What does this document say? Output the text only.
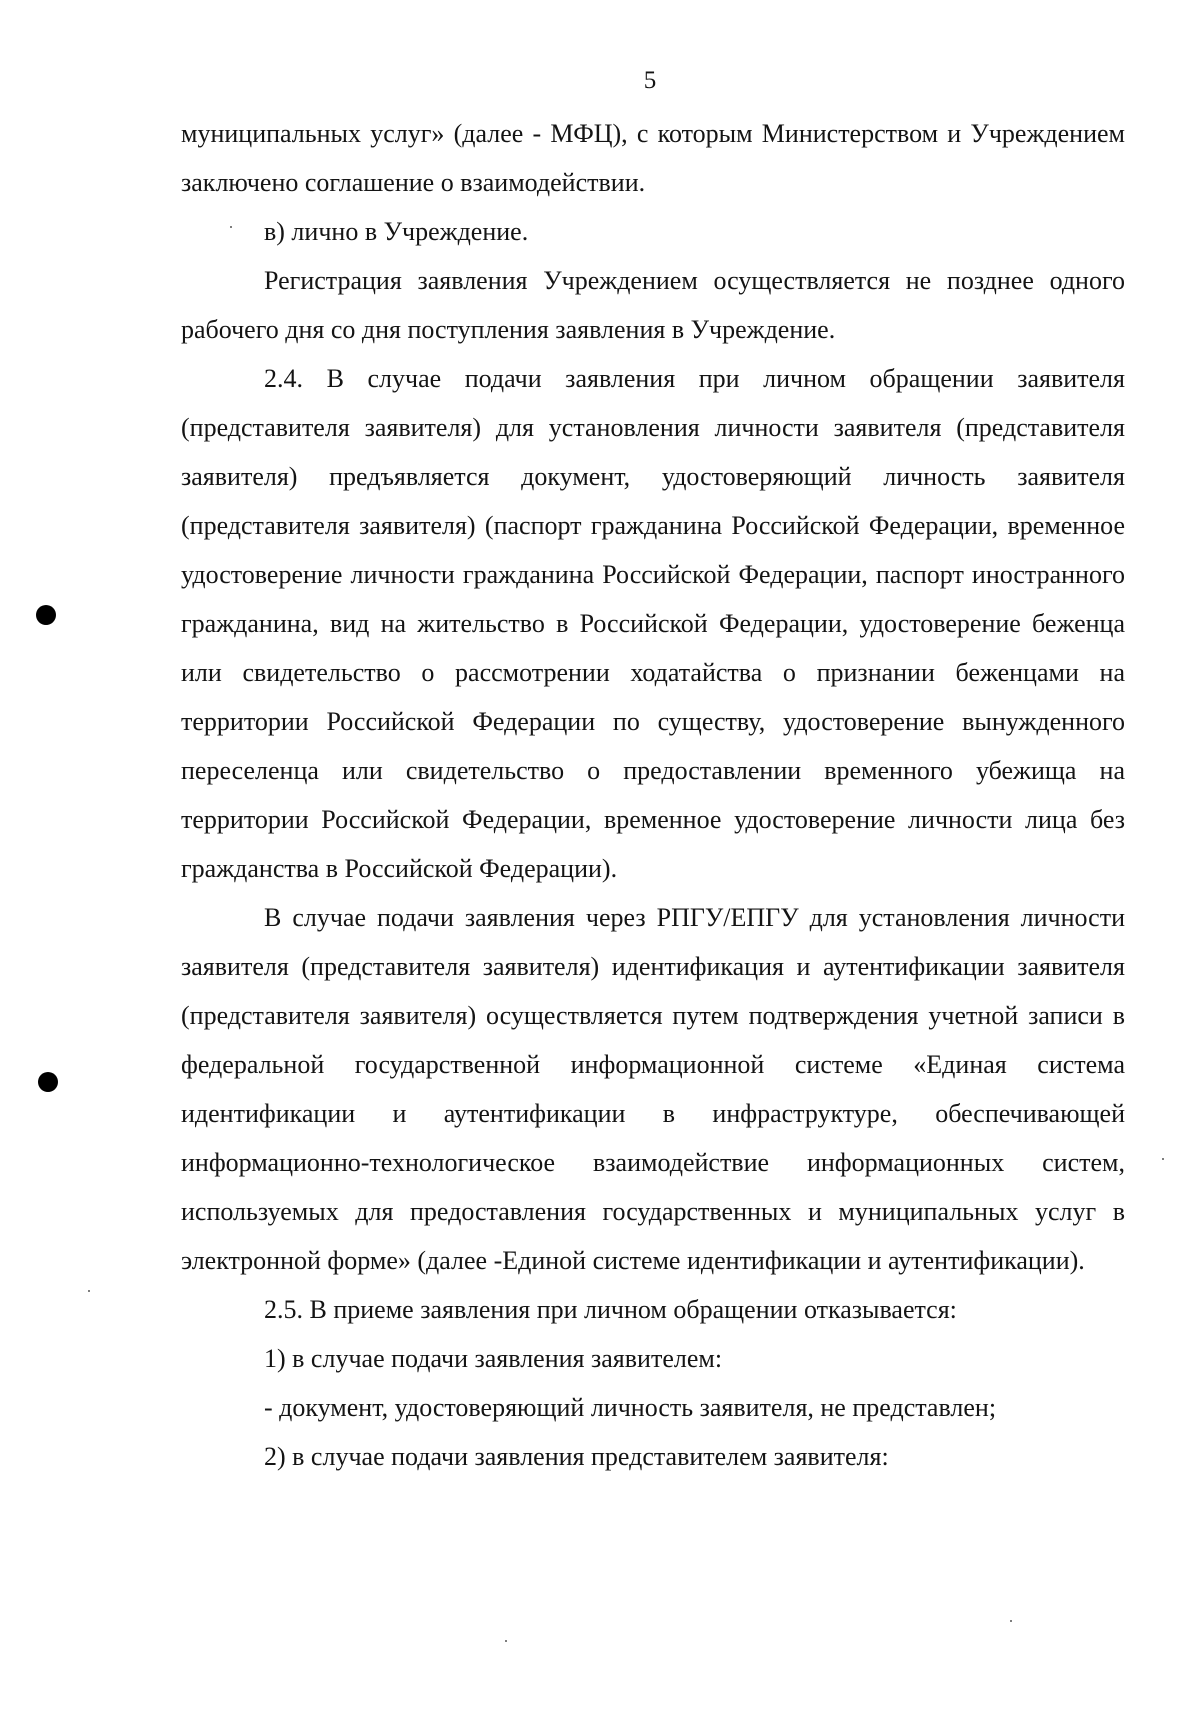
5

муниципальных услуг» (далее - МФЦ), с которым Министерством и Учреждением заключено соглашение о взаимодействии.

в) лично в Учреждение.

Регистрация заявления Учреждением осуществляется не позднее одного рабочего дня со дня поступления заявления в Учреждение.

2.4. В случае подачи заявления при личном обращении заявителя (представителя заявителя) для установления личности заявителя (представителя заявителя) предъявляется документ, удостоверяющий личность заявителя (представителя заявителя) (паспорт гражданина Российской Федерации, временное удостоверение личности гражданина Российской Федерации, паспорт иностранного гражданина, вид на жительство в Российской Федерации, удостоверение беженца или свидетельство о рассмотрении ходатайства о признании беженцами на территории Российской Федерации по существу, удостоверение вынужденного переселенца или свидетельство о предоставлении временного убежища на территории Российской Федерации, временное удостоверение личности лица без гражданства в Российской Федерации).

В случае подачи заявления через РПГУ/ЕПГУ для установления личности заявителя (представителя заявителя) идентификация и аутентификации заявителя (представителя заявителя) осуществляется путем подтверждения учетной записи в федеральной государственной информационной системе «Единая система идентификации и аутентификации в инфраструктуре, обеспечивающей информационно-технологическое взаимодействие информационных систем, используемых для предоставления государственных и муниципальных услуг в электронной форме» (далее -Единой системе идентификации и аутентификации).

2.5. В приеме заявления при личном обращении отказывается:

1) в случае подачи заявления заявителем:

- документ, удостоверяющий личность заявителя, не представлен;

2) в случае подачи заявления представителем заявителя:
